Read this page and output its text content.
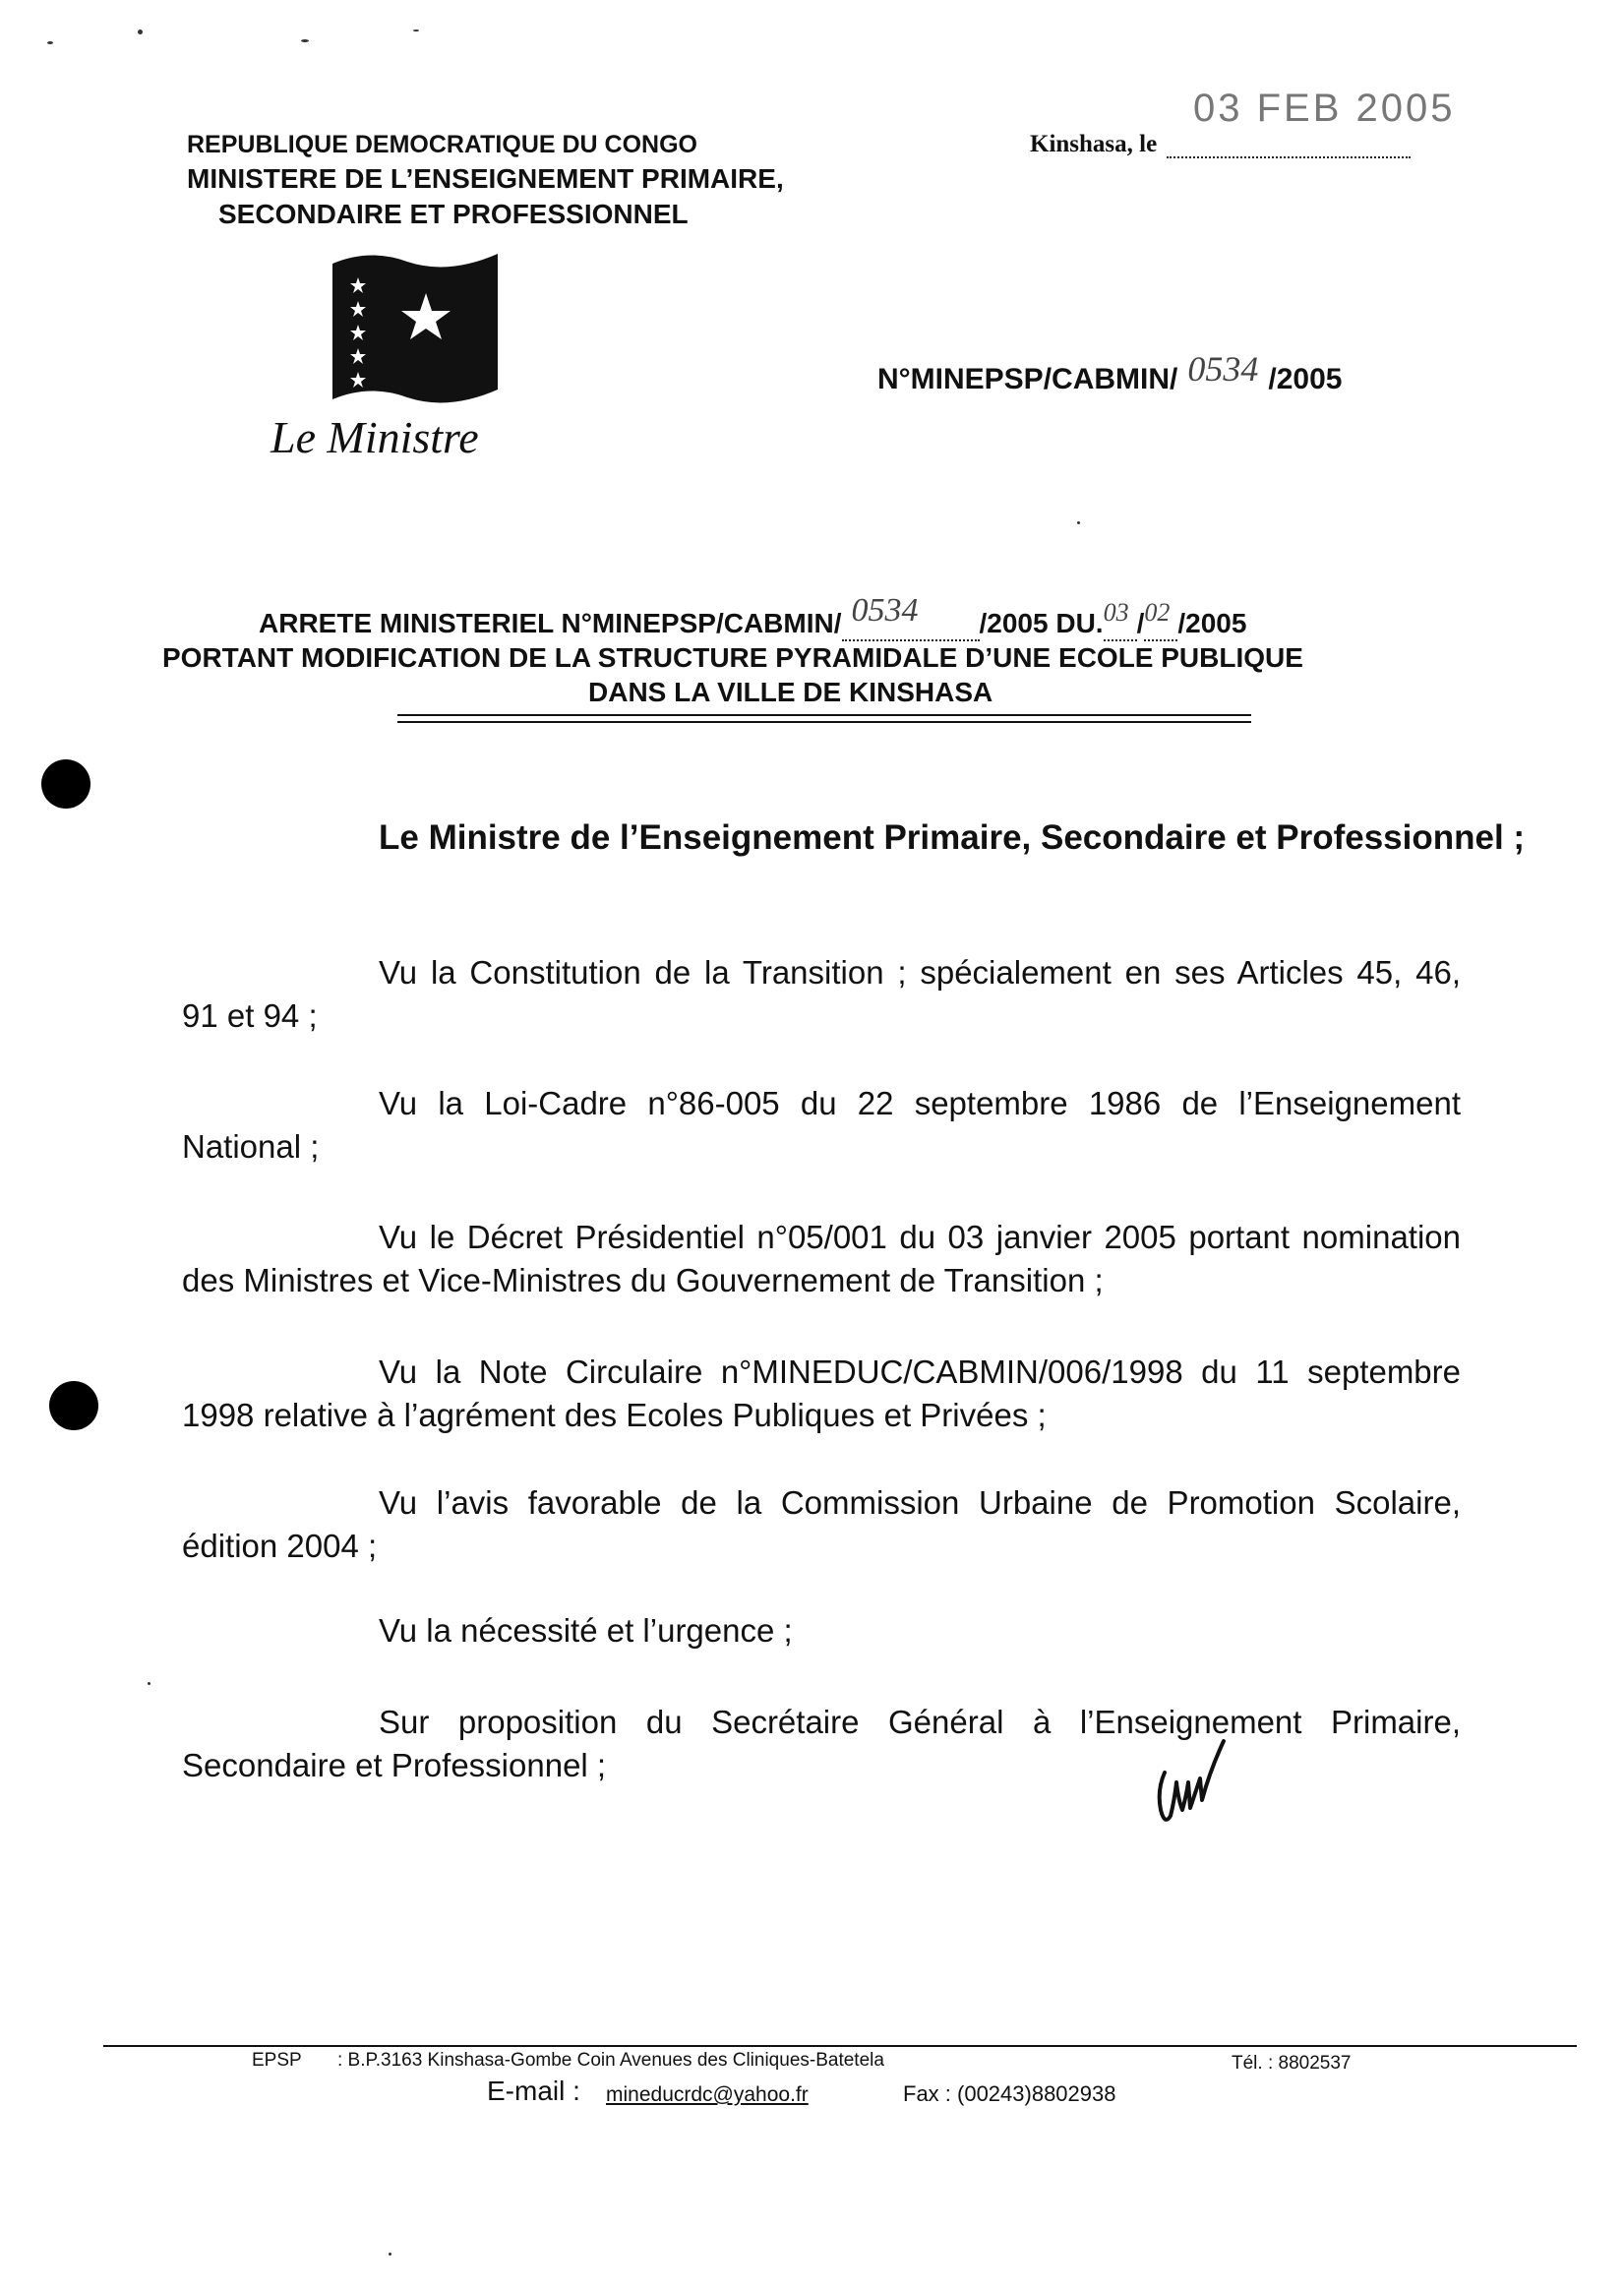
REPUBLIQUE DEMOCRATIQUE DU CONGO
MINISTERE DE L’ENSEIGNEMENT PRIMAIRE,
SECONDAIRE ET PROFESSIONNEL
Le Ministre
Kinshasa, le
03 FEB 2005
N°MINEPSP/CABMIN/ 0534 /2005
ARRETE MINISTERIEL N°MINEPSP/CABMIN/ 0534 /2005 DU. 03 / 02 /2005
PORTANT MODIFICATION DE LA STRUCTURE PYRAMIDALE D’UNE ECOLE PUBLIQUE
DANS LA VILLE DE KINSHASA
Le Ministre de l’Enseignement Primaire, Secondaire et Professionnel ;
Vu la Constitution de la Transition ; spécialement en ses Articles 45, 46,
91 et 94 ;
Vu la Loi-Cadre n°86-005 du 22 septembre 1986 de l’Enseignement
National ;
Vu le Décret Présidentiel n°05/001 du 03 janvier 2005 portant nomination
des Ministres et Vice-Ministres du Gouvernement de Transition ;
Vu la Note Circulaire n°MINEDUC/CABMIN/006/1998 du 11 septembre
1998 relative à l’agrément des Ecoles Publiques et Privées ;
Vu l’avis favorable de la Commission Urbaine de Promotion Scolaire,
édition 2004 ;
Vu la nécessité et l’urgence ;
Sur proposition du Secrétaire Général à l’Enseignement Primaire,
Secondaire et Professionnel ;
EPSP : B.P.3163 Kinshasa-Gombe Coin Avenues des Cliniques-Batetela	Tél. : 8802537
E-mail : mineducrdc@yahoo.fr	Fax : (00243)8802938
